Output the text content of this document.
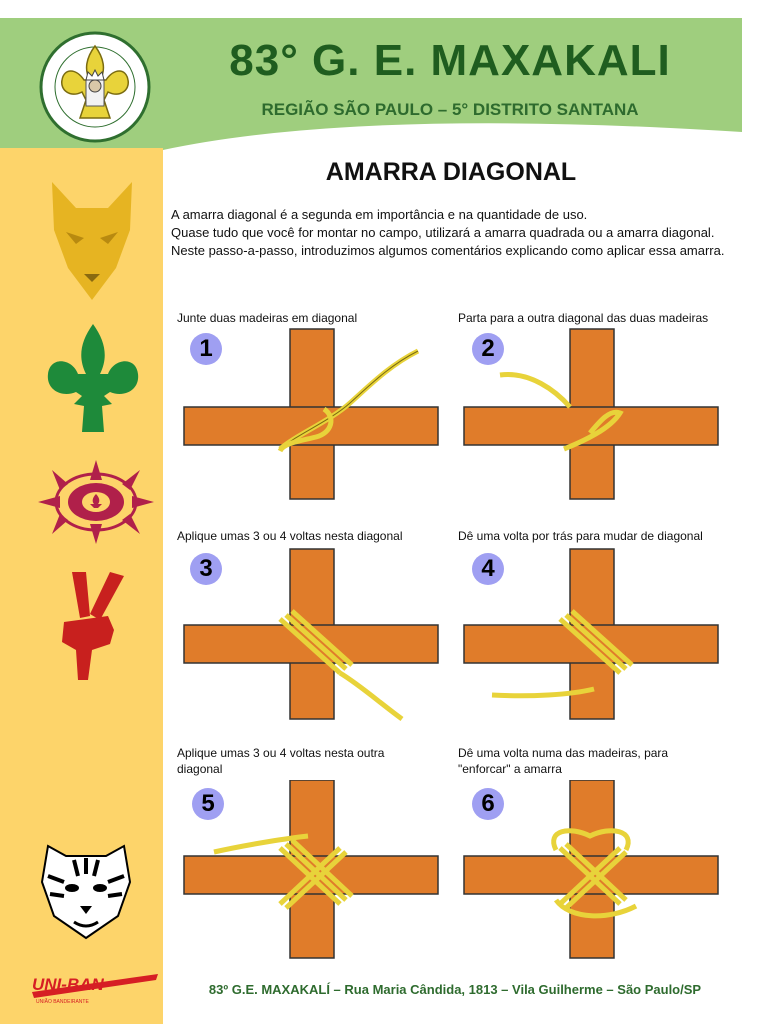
83° G. E. MAXAKALI
REGIÃO SÃO PAULO – 5° DISTRITO SANTANA
UNI-BAN
UNIÃO BANDEIRANTE
AMARRA DIAGONAL

A amarra diagonal é a segunda em importância e na quantidade de uso.

Quase tudo que você for montar no campo, utilizará a amarra quadrada ou a amarra diagonal.

Neste passo-a-passo, introduzimos algumos comentários explicando como aplicar essa amarra.

Junte duas madeiras em diagonal	Parta para a outra diagonal das duas madeiras
Aplique umas 3 ou 4 voltas nesta diagonal	Dê uma volta por trás para mudar de diagonal
Aplique umas 3 ou 4 voltas nesta outra diagonal
Dê uma volta numa das madeiras, para "enforcar" a amarra
1	2
3	4
5	6
83º G.E. MAXAKALÍ – Rua Maria Cândida, 1813 – Vila Guilherme – São Paulo/SP
